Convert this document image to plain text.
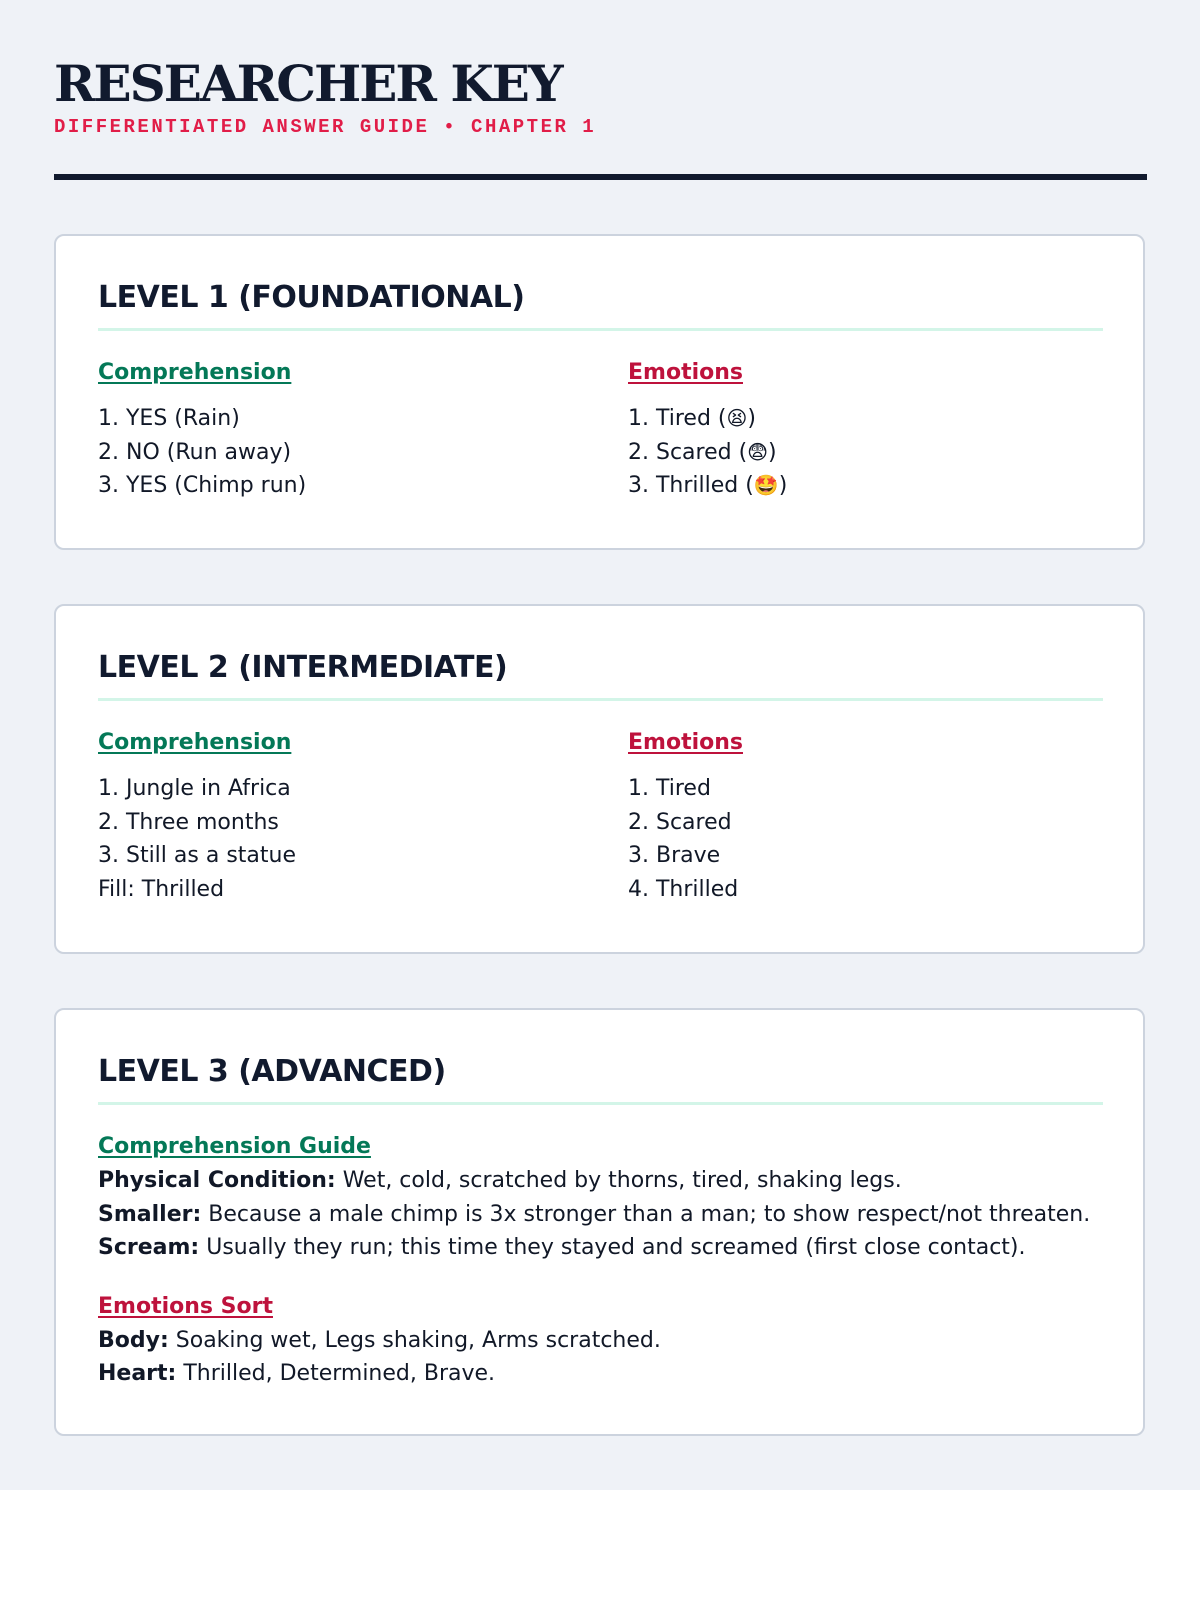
RESEARCHER KEY
DIFFERENTIATED ANSWER GUIDE • CHAPTER 1
LEVEL 1 (FOUNDATIONAL)
Comprehension
1. YES (Rain)
2. NO (Run away)
3. YES (Chimp run)
Emotions
1. Tired (😫)
2. Scared (😨)
3. Thrilled (🤩)
LEVEL 2 (INTERMEDIATE)
Comprehension
1. Jungle in Africa
2. Three months
3. Still as a statue
Fill: Thrilled
Emotions
1. Tired
2. Scared
3. Brave
4. Thrilled
LEVEL 3 (ADVANCED)
Comprehension Guide
Physical Condition: Wet, cold, scratched by thorns, tired, shaking legs.
Smaller: Because a male chimp is 3x stronger than a man; to show respect/not threaten.
Scream: Usually they run; this time they stayed and screamed (first close contact).
Emotions Sort
Body: Soaking wet, Legs shaking, Arms scratched.
Heart: Thrilled, Determined, Brave.
